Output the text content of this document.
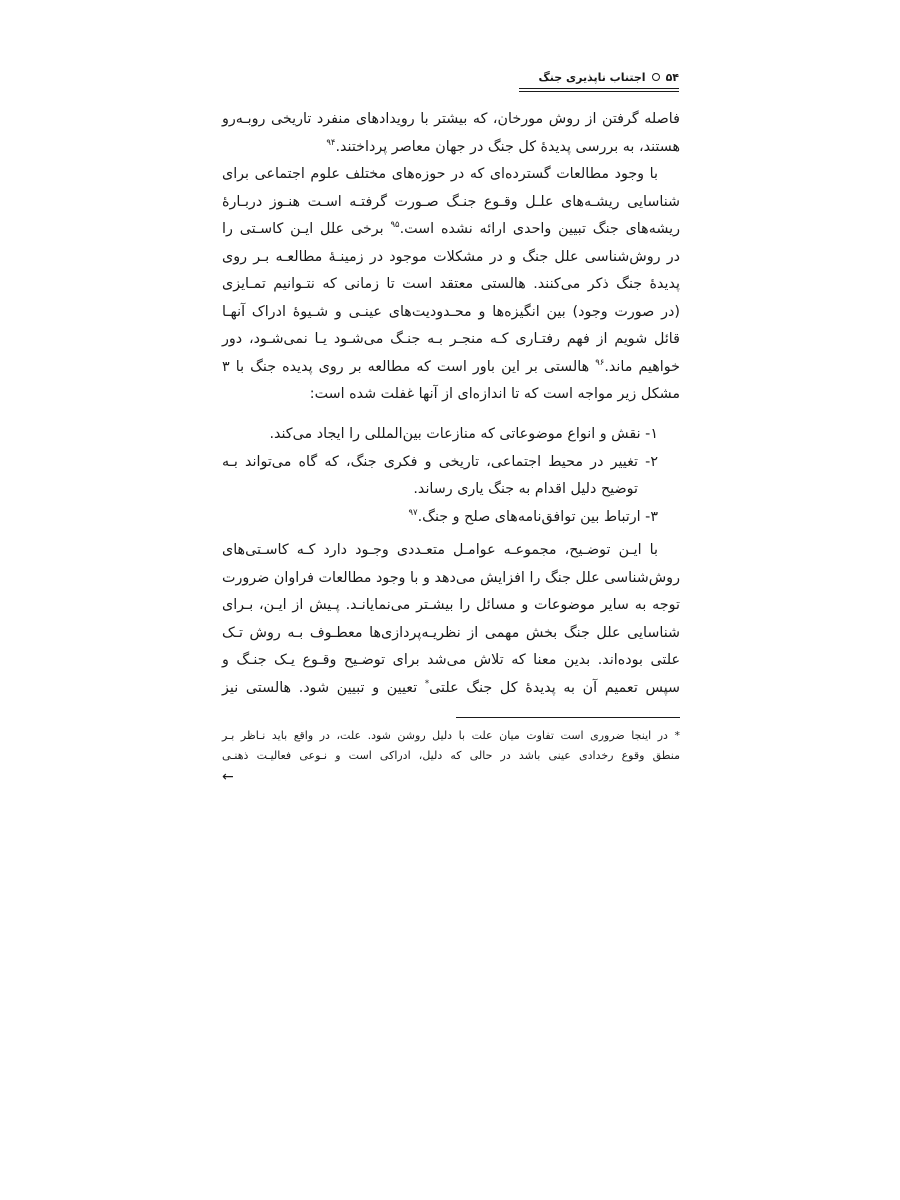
۵۴
اجتناب ناپذیری جنگ
فاصله گرفتن از روش مورخان، که بیشتر با رویدادهای منفرد تاریخی روبـه‌رو
هستند، به بررسی پدیدهٔ کل جنگ در جهان معاصر پرداختند.$^{۹۴}$
با وجود مطالعات گسترده‌ای که در حوزه‌های مختلف علوم اجتماعی برای
شناسایی ریشـه‌های علـل وقـوع جنـگ صـورت گرفتـه اسـت هنـوز دربـارهٔ
ریشه‌های جنگ تبیین واحدی ارائه نشده است.$^{۹۵}$ برخی علل ایـن کاسـتی را
در روش‌شناسی علل جنگ و در مشکلات موجود در زمینـهٔ مطالعـه بـر روی
پدیدهٔ جنگ ذکر می‌کنند. هالستی معتقد است تا زمانی که نتـوانیم تمـایزی
(در صورت وجود) بین انگیزه‌ها و محـدودیت‌های عینـی و شـیوهٔ ادراک آنهـا
قائل شویم از فهم رفتـاری کـه منجـر بـه جنـگ می‌شـود یـا نمی‌شـود، دور
خواهیم ماند.$^{۹۶}$ هالستی بر این باور است که مطالعه بر روی پدیده جنگ با ۳
مشکل زیر مواجه است که تا اندازه‌ای از آنها غفلت شده است:
۱- نقش و انواع موضوعاتی که منازعات بین‌المللی را ایجاد می‌کند.
۲- تغییر در محیط اجتماعی، تاریخی و فکری جنگ، که گاه می‌تواند بـه
توضیح دلیل اقدام به جنگ یاری رساند.
۳- ارتباط بین توافق‌نامه‌های صلح و جنگ.$^{۹۷}$
با ایـن توضـیح، مجموعـه عوامـل متعـددی وجـود دارد کـه کاسـتی‌های
روش‌شناسی علل جنگ را افزایش می‌دهد و با وجود مطالعات فراوان ضرورت
توجه به سایر موضوعات و مسائل را بیشـتر می‌نمایانـد. پـیش از ایـن، بـرای
شناسایی علل جنگ بخش مهمی از نظریـه‌پردازی‌ها معطـوف بـه روش تـک
علتی بوده‌اند. بدین معنا که تلاش می‌شد برای توضـیح وقـوع یـک جنـگ و
سپس تعمیم آن به پدیدهٔ کل جنگ علتی* تعیین و تبیین شود. هالستی نیز
* در اینجا ضروری است تفاوت میان علت با دلیل روشن شود. علت، در واقع باید نـاظر بـر
منطق وقوع رخدادی عینی باشد در حالی که دلیل، ادراکی است و نـوعی فعالیـت ذهنـی
←
